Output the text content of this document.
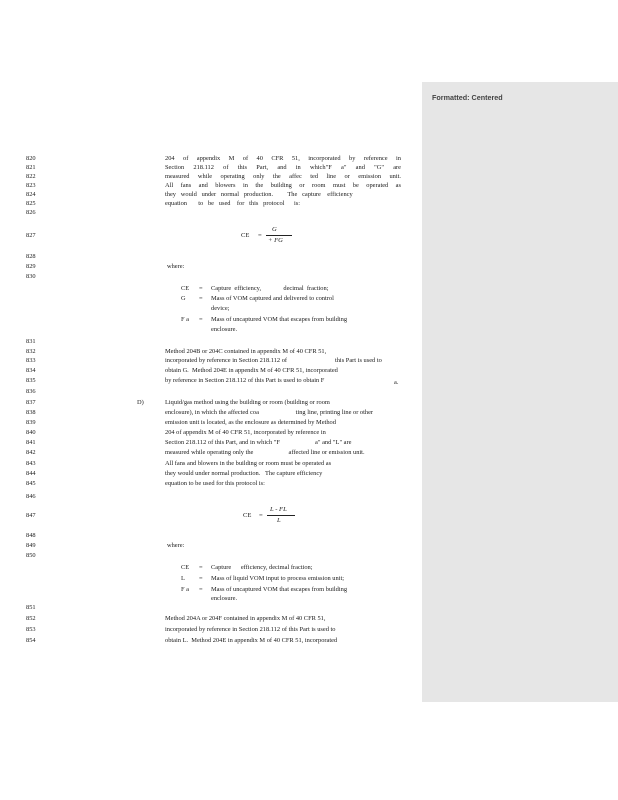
Formatted: Centered
820
821
822
823
824
825
826
827
828
829
830
831
832
833
834
835
836
837
838
839
840
841
842
843
844
845
846
847
848
849
850
851
852
853
854
204 of appendix M of 40 CFR 51, incorporated by reference in
Section 218.112 of this Part, and in which"F a" and "G" are
measured while operating only the affec ted line or emission unit.
All fans and blowers in the building or room must be operated as
they   would   under   normal   production.         The   capture    efficiency
equation       to   be   used    for   this   protocol      is:
CE =
G
+ FG
where:
CE = Capture  efficiency,              decimal  fraction;
G = Mass of VOM captured and delivered to control
device;
F a = Mass of uncaptured VOM that escapes from building
enclosure.
Method 204B or 204C contained in appendix M of 40 CFR 51,
incorporated by reference in Section 218.112 of                              this Part is used to
obtain G.  Method 204E in appendix M of 40 CFR 51, incorporated
by reference in Section 218.112 of this Part is used to obtain F	a.
D)	Liquid/gas method using the building or room (building or room
enclosure), in which the affected coa                       ting line, printing line or other
emission unit is located, as the enclosure as determined by Method
204 of appendix M of 40 CFR 51, incorporated by reference in
Section 218.112 of this Part, and in which "F                      a" and "L" are
measured while operating only the                      affected line or emission unit.
All fans and blowers in the building or room must be operated as
they would under normal production.   The capture efficiency
equation to be used for this protocol is:
CE =
L - FL
L
where:
CE = Capture      efficiency, decimal fraction;
L = Mass of liquid VOM input to process emission unit;
F a = Mass of uncaptured VOM that escapes from building
enclosure.
Method 204A or 204F contained in appendix M of 40 CFR 51,
incorporated by reference in Section 218.112 of this Part is used to
obtain L.  Method 204E in appendix M of 40 CFR 51, incorporated
